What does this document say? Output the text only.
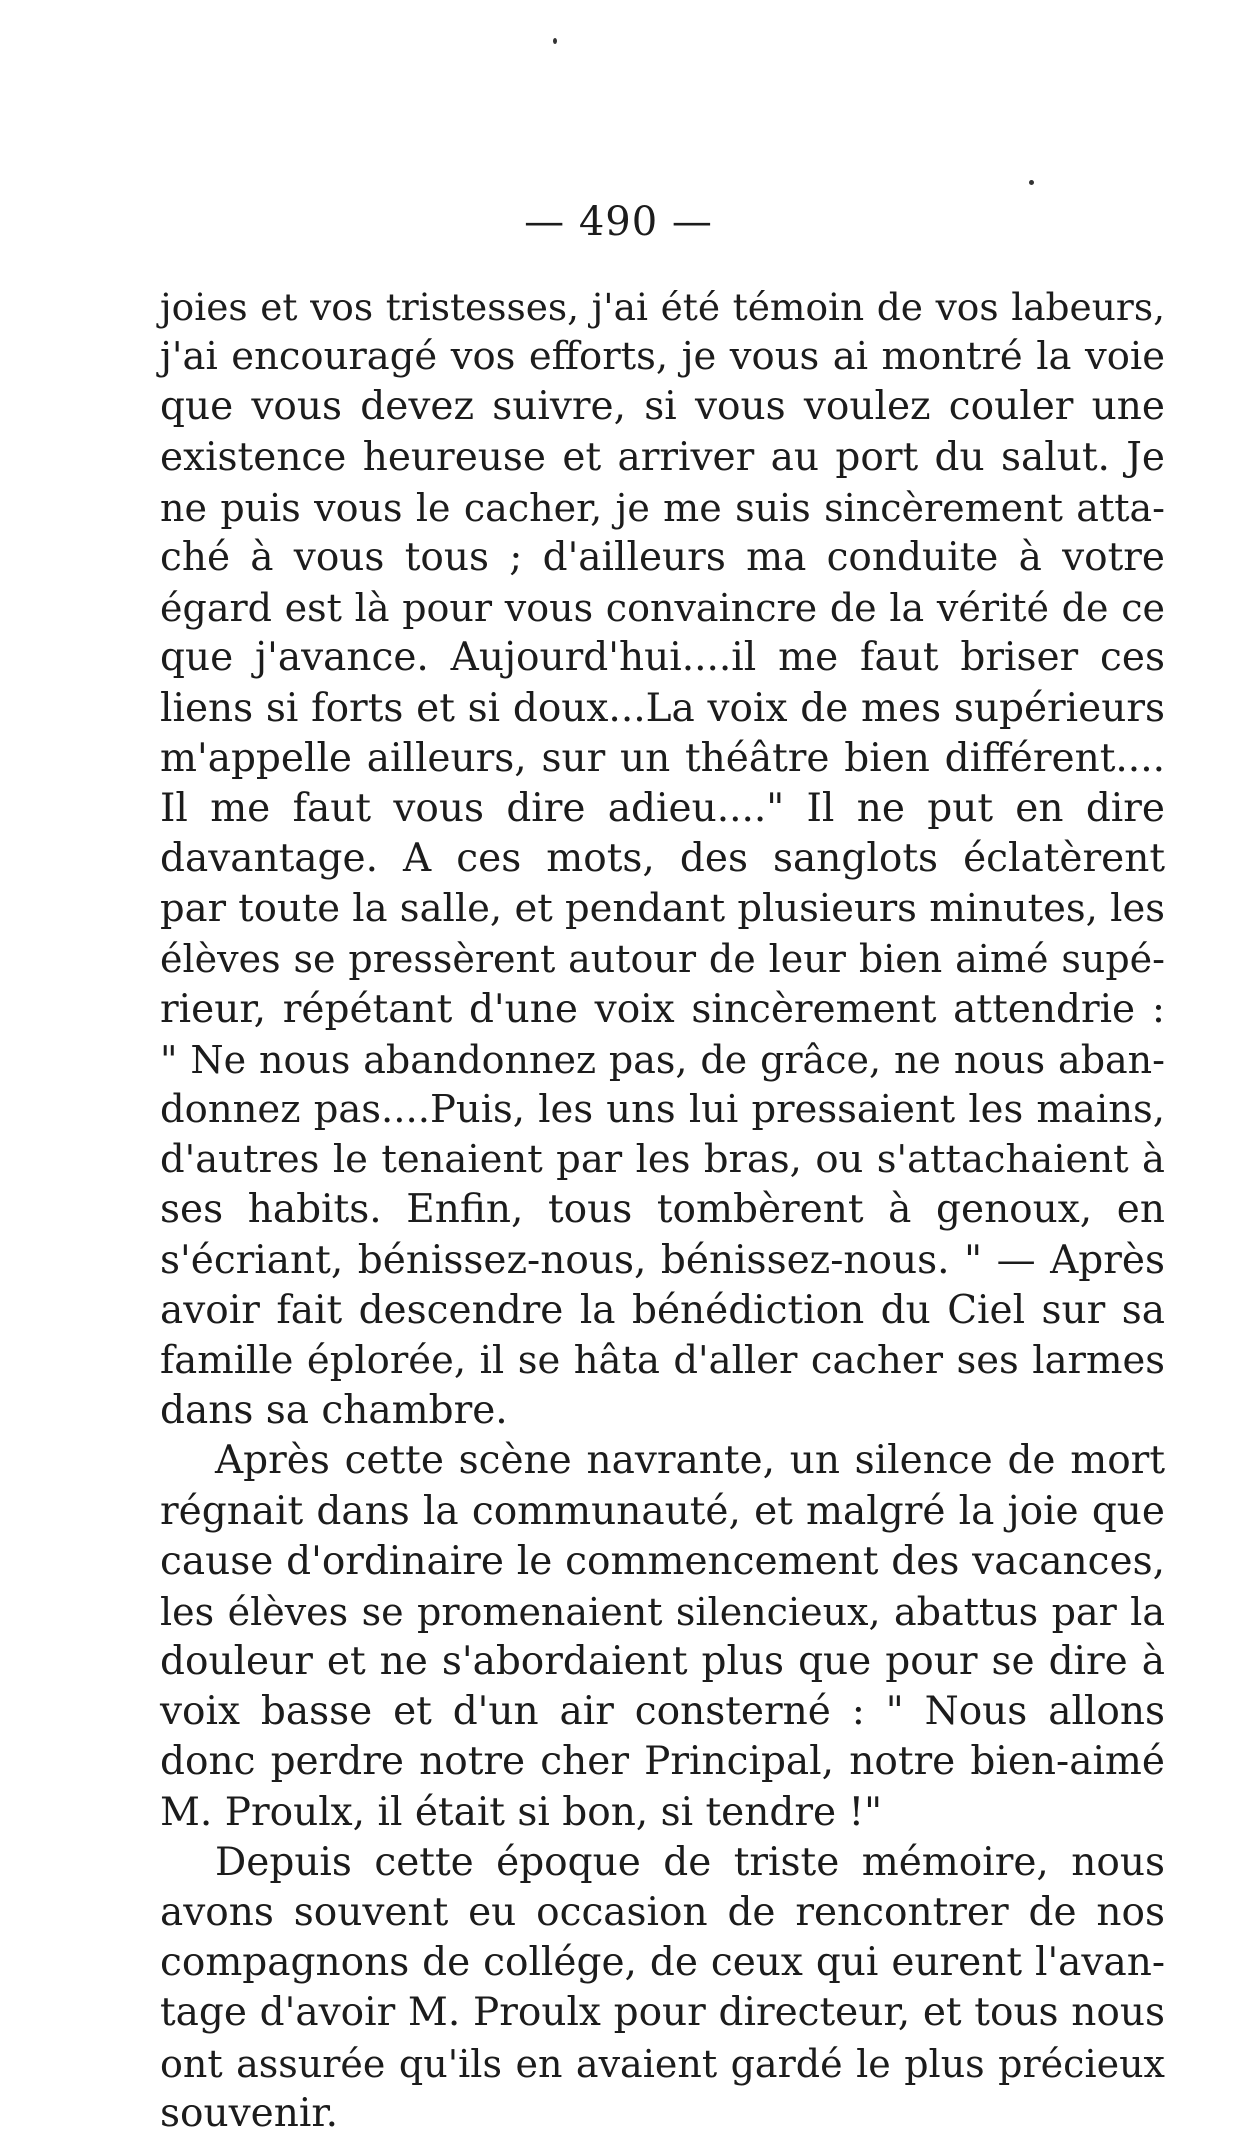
— 490 —
joies et vos tristesses, j'ai été témoin de vos labeurs,
j'ai encouragé vos efforts, je vous ai montré la voie
que vous devez suivre, si vous voulez couler une
existence heureuse et arriver au port du salut. Je
ne puis vous le cacher, je me suis sincèrement atta-
ché à vous tous ; d'ailleurs ma conduite à votre
égard est là pour vous convaincre de la vérité de ce
que j'avance. Aujourd'hui....il me faut briser ces
liens si forts et si doux...La voix de mes supérieurs
m'appelle ailleurs, sur un théâtre bien différent....
Il me faut vous dire adieu...." Il ne put en dire
davantage. A ces mots, des sanglots éclatèrent
par toute la salle, et pendant plusieurs minutes, les
élèves se pressèrent autour de leur bien aimé supé-
rieur, répétant d'une voix sincèrement attendrie :
" Ne nous abandonnez pas, de grâce, ne nous aban-
donnez pas....Puis, les uns lui pressaient les mains,
d'autres le tenaient par les bras, ou s'attachaient à
ses habits. Enfin, tous tombèrent à genoux, en
s'écriant, bénissez-nous, bénissez-nous. " — Après
avoir fait descendre la bénédiction du Ciel sur sa
famille éplorée, il se hâta d'aller cacher ses larmes
dans sa chambre.
Après cette scène navrante, un silence de mort
régnait dans la communauté, et malgré la joie que
cause d'ordinaire le commencement des vacances,
les élèves se promenaient silencieux, abattus par la
douleur et ne s'abordaient plus que pour se dire à
voix basse et d'un air consterné : " Nous allons
donc perdre notre cher Principal, notre bien-aimé
M. Proulx, il était si bon, si tendre !"
Depuis cette époque de triste mémoire, nous
avons souvent eu occasion de rencontrer de nos
compagnons de collége, de ceux qui eurent l'avan-
tage d'avoir M. Proulx pour directeur, et tous nous
ont assurée qu'ils en avaient gardé le plus précieux
souvenir.
